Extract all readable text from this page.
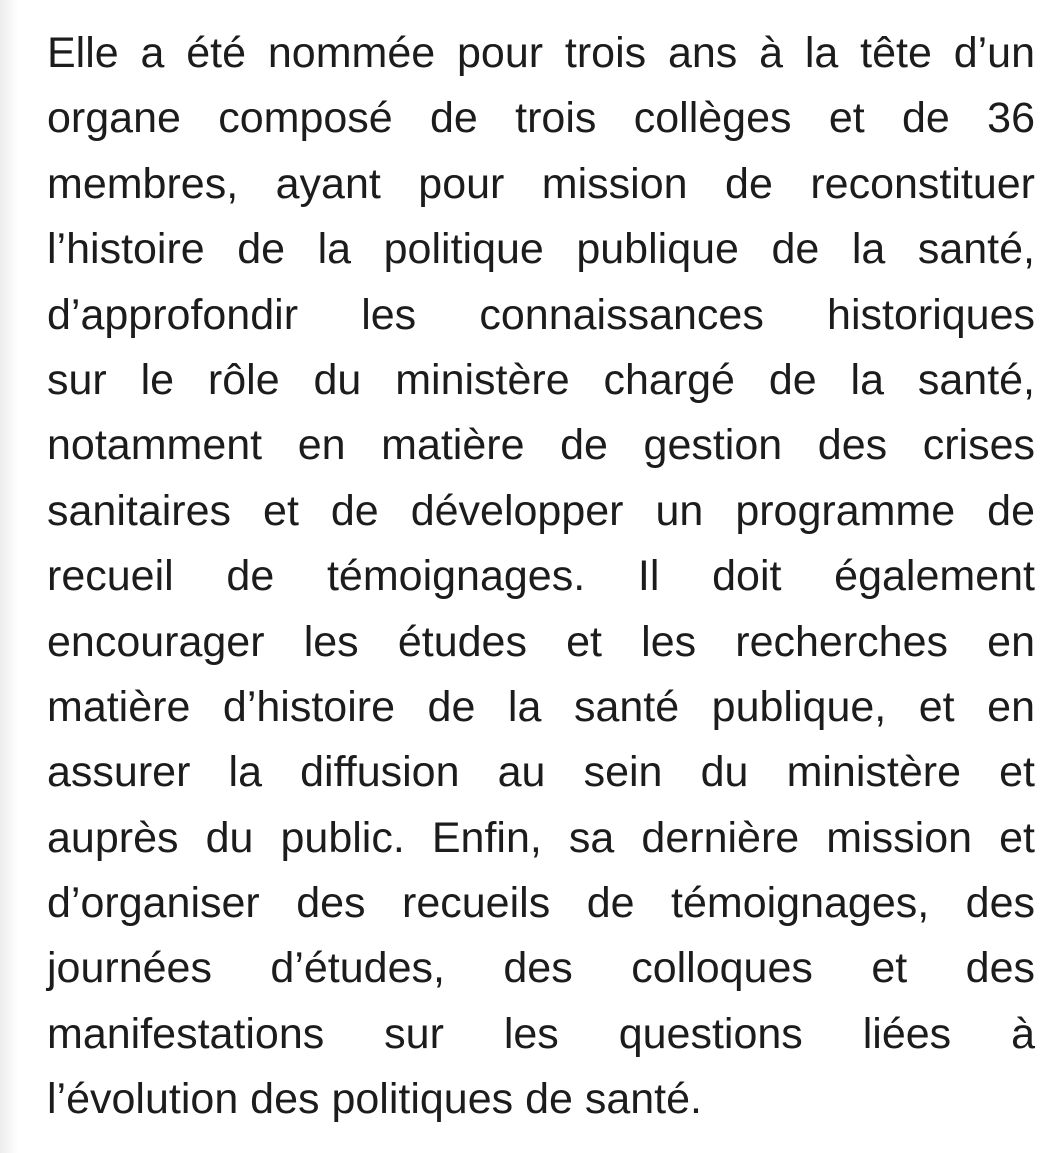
Elle a été nommée pour trois ans à la tête d’un
organe composé de trois collèges et de 36
membres, ayant pour mission de reconstituer
l’histoire de la politique publique de la santé,
d’approfondir les connaissances historiques
sur le rôle du ministère chargé de la santé,
notamment en matière de gestion des crises
sanitaires et de développer un programme de
recueil de témoignages. Il doit également
encourager les études et les recherches en
matière d’histoire de la santé publique, et en
assurer la diffusion au sein du ministère et
auprès du public. Enfin, sa dernière mission et
d’organiser des recueils de témoignages, des
journées d’études, des colloques et des
manifestations sur les questions liées à
l’évolution des politiques de santé.
